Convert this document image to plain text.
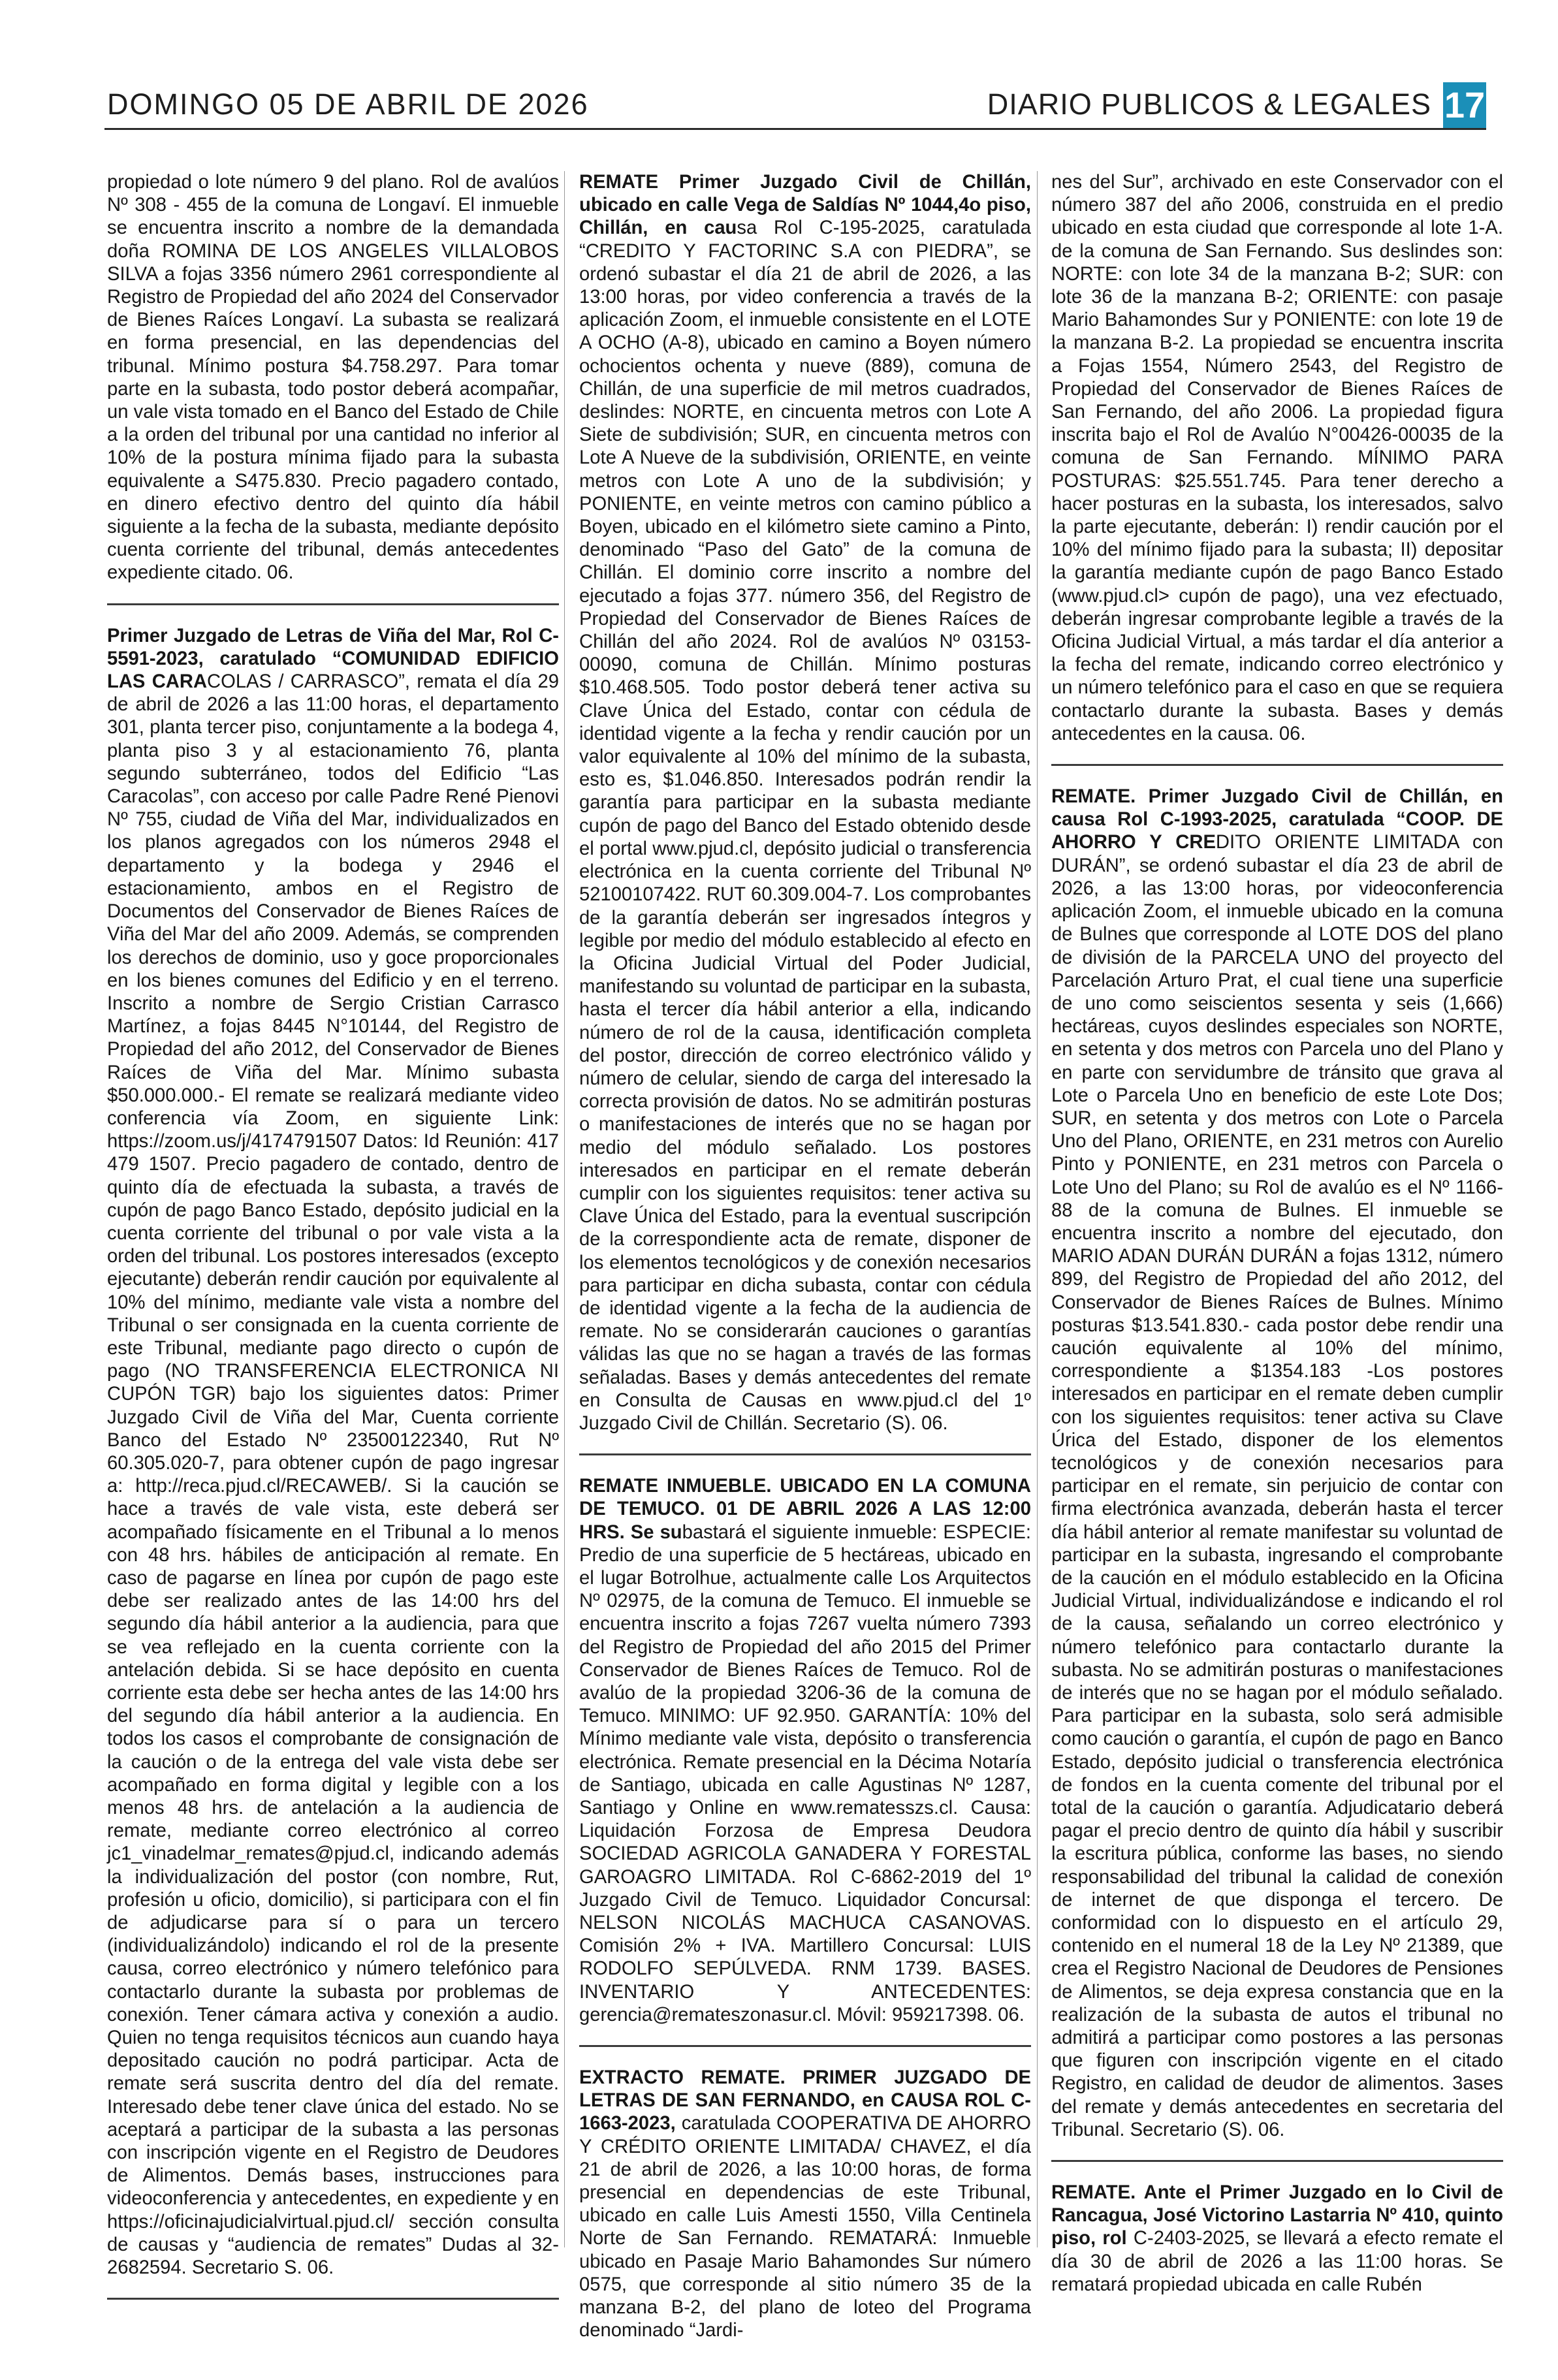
DOMINGO 05 DE ABRIL DE 2026	DIARIO PUBLICOS & LEGALES 17

propiedad o lote número 9 del plano. Rol de avalúos Nº 308 - 455 de la comuna de Longaví. El inmueble se encuentra inscrito a nombre de la demandada doña ROMINA DE LOS ANGELES VILLALOBOS SILVA a fojas 3356 número 2961 correspondiente al Registro de Propiedad del año 2024 del Conservador de Bienes Raíces Longaví. La subasta se realizará en forma presencial, en las dependencias del tribunal. Mínimo postura $4.758.297. Para tomar parte en la subasta, todo postor deberá acompañar, un vale vista tomado en el Banco del Estado de Chile a la orden del tribunal por una cantidad no inferior al 10% de la postura mínima fijado para la subasta equivalente a S475.830. Precio pagadero contado, en dinero efectivo dentro del quinto día hábil siguiente a la fecha de la subasta, mediante depósito cuenta corriente del tribunal, demás antecedentes expediente citado. 06.

Primer Juzgado de Letras de Viña del Mar, Rol C-5591-2023, caratulado “COMUNIDAD EDIFICIO LAS CARACOLAS / CARRASCO”, remata el día 29 de abril de 2026 a las 11:00 horas, el departamento 301, planta tercer piso, conjuntamente a la bodega 4, planta piso 3 y al estacionamiento 76, planta segundo subterráneo, todos del Edificio “Las Caracolas”, con acceso por calle Padre René Pienovi Nº 755, ciudad de Viña del Mar, individualizados en los planos agregados con los números 2948 el departamento y la bodega y 2946 el estacionamiento, ambos en el Registro de Documentos del Conservador de Bienes Raíces de Viña del Mar del año 2009. Además, se comprenden los derechos de dominio, uso y goce proporcionales en los bienes comunes del Edificio y en el terreno. Inscrito a nombre de Sergio Cristian Carrasco Martínez, a fojas 8445 N°10144, del Registro de Propiedad del año 2012, del Conservador de Bienes Raíces de Viña del Mar. Mínimo subasta $50.000.000.- El remate se realizará mediante video conferencia vía Zoom, en siguiente Link: https://zoom.us/j/4174791507 Datos: Id Reunión: 417 479 1507. Precio pagadero de contado, dentro de quinto día de efectuada la subasta, a través de cupón de pago Banco Estado, depósito judicial en la cuenta corriente del tribunal o por vale vista a la orden del tribunal. Los postores interesados (excepto ejecutante) deberán rendir caución por equivalente al 10% del mínimo, mediante vale vista a nombre del Tribunal o ser consignada en la cuenta corriente de este Tribunal, mediante pago directo o cupón de pago (NO TRANSFERENCIA ELECTRONICA NI CUPÓN TGR) bajo los siguientes datos: Primer Juzgado Civil de Viña del Mar, Cuenta corriente Banco del Estado Nº 23500122340, Rut Nº 60.305.020-7, para obtener cupón de pago ingresar a: http://reca.pjud.cl/RECAWEB/. Si la caución se hace a través de vale vista, este deberá ser acompañado físicamente en el Tribunal a lo menos con 48 hrs. hábiles de anticipación al remate. En caso de pagarse en línea por cupón de pago este debe ser realizado antes de las 14:00 hrs del segundo día hábil anterior a la audiencia, para que se vea reflejado en la cuenta corriente con la antelación debida. Si se hace depósito en cuenta corriente esta debe ser hecha antes de las 14:00 hrs del segundo día hábil anterior a la audiencia. En todos los casos el comprobante de consignación de la caución o de la entrega del vale vista debe ser acompañado en forma digital y legible con a los menos 48 hrs. de antelación a la audiencia de remate, mediante correo electrónico al correo jc1_vinadelmar_remates@pjud.cl, indicando además la individualización del postor (con nombre, Rut, profesión u oficio, domicilio), si participara con el fin de adjudicarse para sí o para un tercero (individualizándolo) indicando el rol de la presente causa, correo electrónico y número telefónico para contactarlo durante la subasta por problemas de conexión. Tener cámara activa y conexión a audio. Quien no tenga requisitos técnicos aun cuando haya depositado caución no podrá participar. Acta de remate será suscrita dentro del día del remate. Interesado debe tener clave única del estado. No se aceptará a participar de la subasta a las personas con inscripción vigente en el Registro de Deudores de Alimentos. Demás bases, instrucciones para videoconferencia y antecedentes, en expediente y en https://oficinajudicialvirtual.pjud.cl/ sección consulta de causas y “audiencia de remates” Dudas al 32-2682594. Secretario S. 06.

REMATE Primer Juzgado Civil de Chillán, ubicado en calle Vega de Saldías Nº 1044,4o piso, Chillán, en causa Rol C-195-2025, caratulada “CREDITO Y FACTORINC S.A con PIEDRA”, se ordenó subastar el día 21 de abril de 2026, a las 13:00 horas, por video conferencia a través de la aplicación Zoom, el inmueble consistente en el LOTE A OCHO (A-8), ubicado en camino a Boyen número ochocientos ochenta y nueve (889), comuna de Chillán, de una superficie de mil metros cuadrados, deslindes: NORTE, en cincuenta metros con Lote A Siete de subdivisión; SUR, en cincuenta metros con Lote A Nueve de la subdivisión, ORIENTE, en veinte metros con Lote A uno de la subdivisión; y PONIENTE, en veinte metros con camino público a Boyen, ubicado en el kilómetro siete camino a Pinto, denominado “Paso del Gato” de la comuna de Chillán. El dominio corre inscrito a nombre del ejecutado a fojas 377. número 356, del Registro de Propiedad del Conservador de Bienes Raíces de Chillán del año 2024. Rol de avalúos Nº 03153-00090, comuna de Chillán. Mínimo posturas $10.468.505. Todo postor deberá tener activa su Clave Única del Estado, contar con cédula de identidad vigente a la fecha y rendir caución por un valor equivalente al 10% del mínimo de la subasta, esto es, $1.046.850. Interesados podrán rendir la garantía para participar en la subasta mediante cupón de pago del Banco del Estado obtenido desde el portal www.pjud.cl, depósito judicial o transferencia electrónica en la cuenta corriente del Tribunal Nº 52100107422. RUT 60.309.004-7. Los comprobantes de la garantía deberán ser ingresados íntegros y legible por medio del módulo establecido al efecto en la Oficina Judicial Virtual del Poder Judicial, manifestando su voluntad de participar en la subasta, hasta el tercer día hábil anterior a ella, indicando número de rol de la causa, identificación completa del postor, dirección de correo electrónico válido y número de celular, siendo de carga del interesado la correcta provisión de datos. No se admitirán posturas o manifestaciones de interés que no se hagan por medio del módulo señalado. Los postores interesados en participar en el remate deberán cumplir con los siguientes requisitos: tener activa su Clave Única del Estado, para la eventual suscripción de la correspondiente acta de remate, disponer de los elementos tecnológicos y de conexión necesarios para participar en dicha subasta, contar con cédula de identidad vigente a la fecha de la audiencia de remate. No se considerarán cauciones o garantías válidas las que no se hagan a través de las formas señaladas. Bases y demás antecedentes del remate en Consulta de Causas en www.pjud.cl del 1º Juzgado Civil de Chillán. Secretario (S). 06.

REMATE INMUEBLE. UBICADO EN LA COMUNA DE TEMUCO. 01 DE ABRIL 2026 A LAS 12:00 HRS. Se subastará el siguiente inmueble: ESPECIE: Predio de una superficie de 5 hectáreas, ubicado en el lugar Botrolhue, actualmente calle Los Arquitectos Nº 02975, de la comuna de Temuco. El inmueble se encuentra inscrito a fojas 7267 vuelta número 7393 del Registro de Propiedad del año 2015 del Primer Conservador de Bienes Raíces de Temuco. Rol de avalúo de la propiedad 3206-36 de la comuna de Temuco. MINIMO: UF 92.950. GARANTÍA: 10% del Mínimo mediante vale vista, depósito o transferencia electrónica. Remate presencial en la Décima Notaría de Santiago, ubicada en calle Agustinas Nº 1287, Santiago y Online en www.rematesszs.cl. Causa: Liquidación Forzosa de Empresa Deudora SOCIEDAD AGRICOLA GANADERA Y FORESTAL GAROAGRO LIMITADA. Rol C-6862-2019 del 1º Juzgado Civil de Temuco. Liquidador Concursal: NELSON NICOLÁS MACHUCA CASANOVAS. Comisión 2% + IVA. Martillero Concursal: LUIS RODOLFO SEPÚLVEDA. RNM 1739. BASES. INVENTARIO Y ANTECEDENTES: gerencia@remateszonasur.cl. Móvil: 959217398. 06.

EXTRACTO REMATE. PRIMER JUZGADO DE LETRAS DE SAN FERNANDO, en CAUSA ROL C-1663-2023, caratulada COOPERATIVA DE AHORRO Y CRÉDITO ORIENTE LIMITADA/ CHAVEZ, el día 21 de abril de 2026, a las 10:00 horas, de forma presencial en dependencias de este Tribunal, ubicado en calle Luis Amesti 1550, Villa Centinela Norte de San Fernando. REMATARÁ: Inmueble ubicado en Pasaje Mario Bahamondes Sur número 0575, que corresponde al sitio número 35 de la manzana B-2, del plano de loteo del Programa denominado “Jardi-

nes del Sur”, archivado en este Conservador con el número 387 del año 2006, construida en el predio ubicado en esta ciudad que corresponde al lote 1-A. de la comuna de San Fernando. Sus deslindes son: NORTE: con lote 34 de la manzana B-2; SUR: con lote 36 de la manzana B-2; ORIENTE: con pasaje Mario Bahamondes Sur y PONIENTE: con lote 19 de la manzana B-2. La propiedad se encuentra inscrita a Fojas 1554, Número 2543, del Registro de Propiedad del Conservador de Bienes Raíces de San Fernando, del año 2006. La propiedad figura inscrita bajo el Rol de Avalúo N°00426-00035 de la comuna de San Fernando. MÍNIMO PARA POSTURAS: $25.551.745. Para tener derecho a hacer posturas en la subasta, los interesados, salvo la parte ejecutante, deberán: I) rendir caución por el 10% del mínimo fijado para la subasta; II) depositar la garantía mediante cupón de pago Banco Estado (www.pjud.cl> cupón de pago), una vez efectuado, deberán ingresar comprobante legible a través de la Oficina Judicial Virtual, a más tardar el día anterior a la fecha del remate, indicando correo electrónico y un número telefónico para el caso en que se requiera contactarlo durante la subasta. Bases y demás antecedentes en la causa. 06.

REMATE. Primer Juzgado Civil de Chillán, en causa Rol C-1993-2025, caratulada “COOP. DE AHORRO Y CREDITO ORIENTE LIMITADA con DURÁN”, se ordenó subastar el día 23 de abril de 2026, a las 13:00 horas, por videoconferencia aplicación Zoom, el inmueble ubicado en la comuna de Bulnes que corresponde al LOTE DOS del plano de división de la PARCELA UNO del proyecto del Parcelación Arturo Prat, el cual tiene una superficie de uno como seiscientos sesenta y seis (1,666) hectáreas, cuyos deslindes especiales son NORTE, en setenta y dos metros con Parcela uno del Plano y en parte con servidumbre de tránsito que grava al Lote o Parcela Uno en beneficio de este Lote Dos; SUR, en setenta y dos metros con Lote o Parcela Uno del Plano, ORIENTE, en 231 metros con Aurelio Pinto y PONIENTE, en 231 metros con Parcela o Lote Uno del Plano; su Rol de avalúo es el Nº 1166-88 de la comuna de Bulnes. El inmueble se encuentra inscrito a nombre del ejecutado, don MARIO ADAN DURÁN DURÁN a fojas 1312, número 899, del Registro de Propiedad del año 2012, del Conservador de Bienes Raíces de Bulnes. Mínimo posturas $13.541.830.- cada postor debe rendir una caución equivalente al 10% del mínimo, correspondiente a $1354.183 -Los postores interesados en participar en el remate deben cumplir con los siguientes requisitos: tener activa su Clave Úrica del Estado, disponer de los elementos tecnológicos y de conexión necesarios para participar en el remate, sin perjuicio de contar con firma electrónica avanzada, deberán hasta el tercer día hábil anterior al remate manifestar su voluntad de participar en la subasta, ingresando el comprobante de la caución en el módulo establecido en la Oficina Judicial Virtual, individualizándose e indicando el rol de la causa, señalando un correo electrónico y número telefónico para contactarlo durante la subasta. No se admitirán posturas o manifestaciones de interés que no se hagan por el módulo señalado. Para participar en la subasta, solo será admisible como caución o garantía, el cupón de pago en Banco Estado, depósito judicial o transferencia electrónica de fondos en la cuenta comente del tribunal por el total de la caución o garantía. Adjudicatario deberá pagar el precio dentro de quinto día hábil y suscribir la escritura pública, conforme las bases, no siendo responsabilidad del tribunal la calidad de conexión de internet de que disponga el tercero. De conformidad con lo dispuesto en el artículo 29, contenido en el numeral 18 de la Ley Nº 21389, que crea el Registro Nacional de Deudores de Pensiones de Alimentos, se deja expresa constancia que en la realización de la subasta de autos el tribunal no admitirá a participar como postores a las personas que figuren con inscripción vigente en el citado Registro, en calidad de deudor de alimentos. 3ases del remate y demás antecedentes en secretaria del Tribunal. Secretario (S). 06.

REMATE. Ante el Primer Juzgado en lo Civil de Rancagua, José Victorino Lastarria Nº 410, quinto piso, rol C-2403-2025, se llevará a efecto remate el día 30 de abril de 2026 a las 11:00 horas. Se rematará propiedad ubicada en calle Rubén
